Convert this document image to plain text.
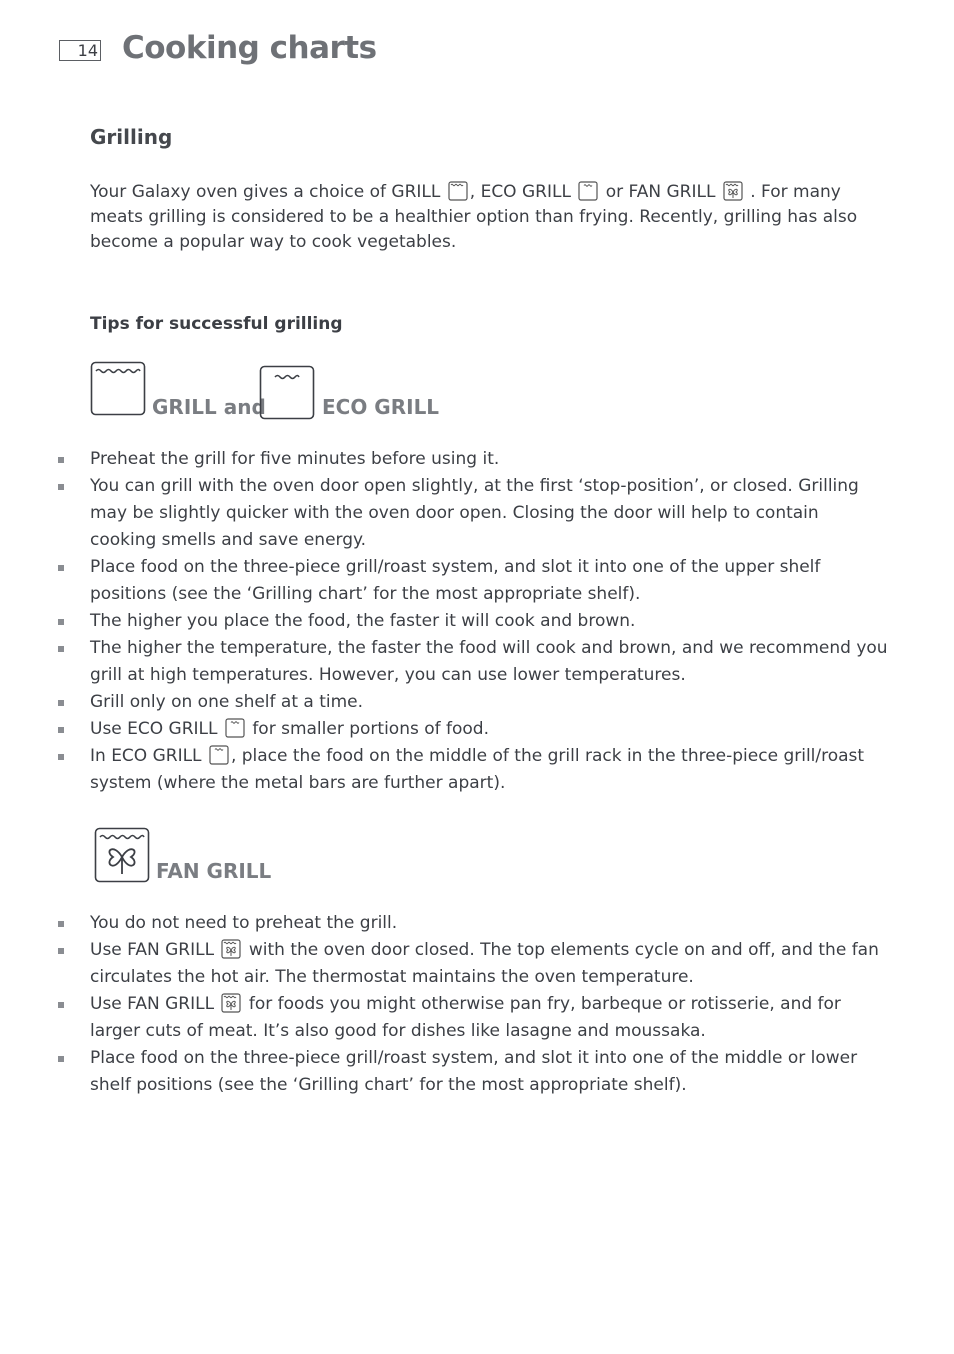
14 Cooking charts
Grilling

Your Galaxy oven gives a choice of GRILL , ECO GRILL or FAN GRILL . For many meats grilling is considered to be a healthier option than frying. Recently, grilling has also become a popular way to cook vegetables.

Tips for successful grilling
GRILL and	ECO GRILL
Preheat the grill for five minutes before using it.
You can grill with the oven door open slightly, at the first ‘stop-position’, or closed. Grilling may be slightly quicker with the oven door open. Closing the door will help to contain cooking smells and save energy.
Place food on the three-piece grill/roast system, and slot it into one of the upper shelf positions (see the ‘Grilling chart’ for the most appropriate shelf).
The higher you place the food, the faster it will cook and brown.
The higher the temperature, the faster the food will cook and brown, and we recommend you grill at high temperatures. However, you can use lower temperatures.
Grill only on one shelf at a time.
Use ECO GRILL for smaller portions of food.
In ECO GRILL , place the food on the middle of the grill rack in the three-piece grill/roast system (where the metal bars are further apart).
FAN GRILL
You do not need to preheat the grill.
Use FAN GRILL with the oven door closed. The top elements cycle on and off, and the fan circulates the hot air. The thermostat maintains the oven temperature.
Use FAN GRILL for foods you might otherwise pan fry, barbeque or rotisserie, and for larger cuts of meat. It’s also good for dishes like lasagne and moussaka.
Place food on the three-piece grill/roast system, and slot it into one of the middle or lower shelf positions (see the ‘Grilling chart’ for the most appropriate shelf).
